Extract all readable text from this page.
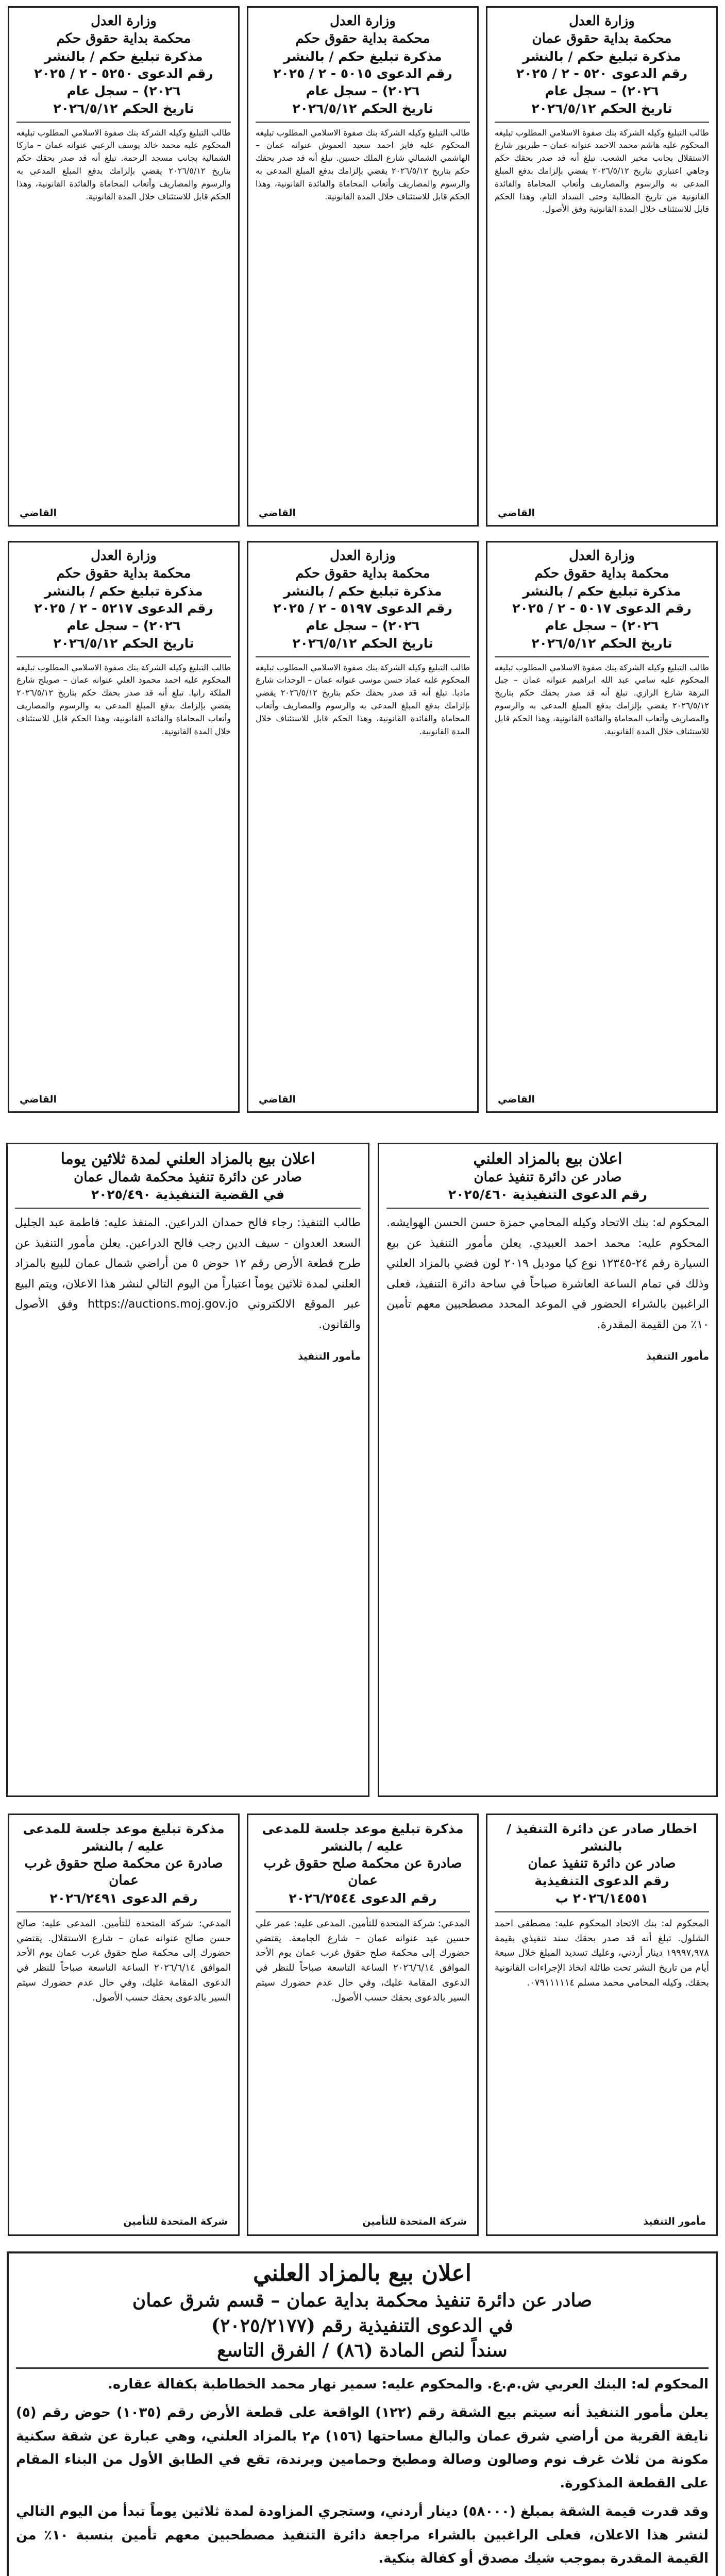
وزارة العدل
محكمة بداية حقوق عمان
مذكرة تبليغ حكم / بالنشر
رقم الدعوى ٥٢٠ - ٢ / ٢٠٢٥
٢٠٢٦) – سجل عام
تاريخ الحكم ٢٠٢٦/٥/١٢
طالب التبليغ وكيله الشركة بنك صفوة الاسلامي المطلوب تبليغه المحكوم عليه هاشم محمد الاحمد عنوانه عمان – طبربور شارع الاستقلال بجانب مخبز الشعب. تبلغ أنه قد صدر بحقك حكم وجاهي اعتباري بتاريخ ٢٠٢٦/٥/١٢ يقضي بإلزامك بدفع المبلغ المدعى به والرسوم والمصاريف وأتعاب المحاماة والفائدة القانونية من تاريخ المطالبة وحتى السداد التام، وهذا الحكم قابل للاستئناف خلال المدة القانونية وفق الأصول.
القاضي
وزارة العدل
محكمة بداية حقوق حكم
مذكرة تبليغ حكم / بالنشر
رقم الدعوى ٥٠١٥ - ٢ / ٢٠٢٥
٢٠٢٦) – سجل عام
تاريخ الحكم ٢٠٢٦/٥/١٢
طالب التبليغ وكيله الشركة بنك صفوة الاسلامي المطلوب تبليغه المحكوم عليه فايز احمد سعيد العموش عنوانه عمان – الهاشمي الشمالي شارع الملك حسين. تبلغ أنه قد صدر بحقك حكم بتاريخ ٢٠٢٦/٥/١٢ يقضي بإلزامك بدفع المبلغ المدعى به والرسوم والمصاريف وأتعاب المحاماة والفائدة القانونية، وهذا الحكم قابل للاستئناف خلال المدة القانونية.
القاضي
وزارة العدل
محكمة بداية حقوق حكم
مذكرة تبليغ حكم / بالنشر
رقم الدعوى ٥٢٥٠ - ٢ / ٢٠٢٥
٢٠٢٦) – سجل عام
تاريخ الحكم ٢٠٢٦/٥/١٢
طالب التبليغ وكيله الشركة بنك صفوة الاسلامي المطلوب تبليغه المحكوم عليه محمد خالد يوسف الزعبي عنوانه عمان – ماركا الشمالية بجانب مسجد الرحمة. تبلغ أنه قد صدر بحقك حكم بتاريخ ٢٠٢٦/٥/١٢ يقضي بإلزامك بدفع المبلغ المدعى به والرسوم والمصاريف وأتعاب المحاماة والفائدة القانونية، وهذا الحكم قابل للاستئناف خلال المدة القانونية.
القاضي
وزارة العدل
محكمة بداية حقوق حكم
مذكرة تبليغ حكم / بالنشر
رقم الدعوى ٥٠١٧ - ٢ / ٢٠٢٥
٢٠٢٦) – سجل عام
تاريخ الحكم ٢٠٢٦/٥/١٢
طالب التبليغ وكيله الشركة بنك صفوة الاسلامي المطلوب تبليغه المحكوم عليه سامي عبد الله ابراهيم عنوانه عمان – جبل النزهة شارع الرازي. تبلغ أنه قد صدر بحقك حكم بتاريخ ٢٠٢٦/٥/١٢ يقضي بإلزامك بدفع المبلغ المدعى به والرسوم والمصاريف وأتعاب المحاماة والفائدة القانونية، وهذا الحكم قابل للاستئناف خلال المدة القانونية.
القاضي
وزارة العدل
محكمة بداية حقوق حكم
مذكرة تبليغ حكم / بالنشر
رقم الدعوى ٥١٩٧ - ٢ / ٢٠٢٥
٢٠٢٦) – سجل عام
تاريخ الحكم ٢٠٢٦/٥/١٢
طالب التبليغ وكيله الشركة بنك صفوة الاسلامي المطلوب تبليغه المحكوم عليه عماد حسن موسى عنوانه عمان – الوحدات شارع مادبا. تبلغ أنه قد صدر بحقك حكم بتاريخ ٢٠٢٦/٥/١٢ يقضي بإلزامك بدفع المبلغ المدعى به والرسوم والمصاريف وأتعاب المحاماة والفائدة القانونية، وهذا الحكم قابل للاستئناف خلال المدة القانونية.
القاضي
وزارة العدل
محكمة بداية حقوق حكم
مذكرة تبليغ حكم / بالنشر
رقم الدعوى ٥٢١٧ - ٢ / ٢٠٢٥
٢٠٢٦) – سجل عام
تاريخ الحكم ٢٠٢٦/٥/١٢
طالب التبليغ وكيله الشركة بنك صفوة الاسلامي المطلوب تبليغه المحكوم عليه احمد محمود العلي عنوانه عمان – صويلح شارع الملكة رانيا. تبلغ أنه قد صدر بحقك حكم بتاريخ ٢٠٢٦/٥/١٢ يقضي بإلزامك بدفع المبلغ المدعى به والرسوم والمصاريف وأتعاب المحاماة والفائدة القانونية، وهذا الحكم قابل للاستئناف خلال المدة القانونية.
القاضي
اعلان بيع بالمزاد العلني
صادر عن دائرة تنفيذ عمان
رقم الدعوى التنفيذية ٢٠٢٥/٤٦٠
المحكوم له: بنك الاتحاد وكيله المحامي حمزة حسن الحسن الهوايشه. المحكوم عليه: محمد احمد العبيدي. يعلن مأمور التنفيذ عن بيع السيارة رقم ٢٤-١٢٣٤٥ نوع كيا موديل ٢٠١٩ لون فضي بالمزاد العلني وذلك في تمام الساعة العاشرة صباحاً في ساحة دائرة التنفيذ، فعلى الراغبين بالشراء الحضور في الموعد المحدد مصطحبين معهم تأمين ١٠٪ من القيمة المقدرة.
مأمور التنفيذ
اعلان بيع بالمزاد العلني لمدة ثلاثين يوما
صادر عن دائرة تنفيذ محكمة شمال عمان
في القضية التنفيذية ٢٠٢٥/٤٩٠
طالب التنفيذ: رجاء فالح حمدان الدراعين. المنفذ عليه: فاطمة عبد الجليل السعد العدوان - سيف الدين رجب فالح الدراعين. يعلن مأمور التنفيذ عن طرح قطعة الأرض رقم ١٢ حوض ٥ من أراضي شمال عمان للبيع بالمزاد العلني لمدة ثلاثين يوماً اعتباراً من اليوم التالي لنشر هذا الاعلان، ويتم البيع عبر الموقع الالكتروني https://auctions.moj.gov.jo وفق الأصول والقانون.
مأمور التنفيذ
اخطار صادر عن دائرة التنفيذ / بالنشر
صادر عن دائرة تنفيذ عمان
رقم الدعوى التنفيذية
٢٠٢٦/١٤٥٥١ ب
المحكوم له: بنك الاتحاد المحكوم عليه: مصطفى احمد الشلول. تبلغ أنه قد صدر بحقك سند تنفيذي بقيمة ١٩٩٩٧,٩٧٨ دينار أردني، وعليك تسديد المبلغ خلال سبعة أيام من تاريخ النشر تحت طائلة اتخاذ الإجراءات القانونية بحقك. وكيله المحامي محمد مسلم ٠٧٩١١١١١٤.
مأمور التنفيذ
مذكرة تبليغ موعد جلسة للمدعى عليه / بالنشر
صادرة عن محكمة صلح حقوق غرب عمان
رقم الدعوى ٢٠٢٦/٢٥٤٤
المدعي: شركة المتحدة للتأمين. المدعى عليه: عمر علي حسين عيد عنوانه عمان – شارع الجامعة. يقتضي حضورك إلى محكمة صلح حقوق غرب عمان يوم الأحد الموافق ٢٠٢٦/٦/١٤ الساعة التاسعة صباحاً للنظر في الدعوى المقامة عليك، وفي حال عدم حضورك سيتم السير بالدعوى بحقك حسب الأصول.
شركة المتحدة للتأمين
مذكرة تبليغ موعد جلسة للمدعى عليه / بالنشر
صادرة عن محكمة صلح حقوق غرب عمان
رقم الدعوى ٢٠٢٦/٢٤٩١
المدعي: شركة المتحدة للتأمين. المدعى عليه: صالح حسن صالح عنوانه عمان – شارع الاستقلال. يقتضي حضورك إلى محكمة صلح حقوق غرب عمان يوم الأحد الموافق ٢٠٢٦/٦/١٤ الساعة التاسعة صباحاً للنظر في الدعوى المقامة عليك، وفي حال عدم حضورك سيتم السير بالدعوى بحقك حسب الأصول.
شركة المتحدة للتأمين
اعلان بيع بالمزاد العلني
صادر عن دائرة تنفيذ محكمة بداية عمان – قسم شرق عمان
في الدعوى التنفيذية رقم (٢٠٢٥/٢١٧٧)
سنداً لنص المادة (٨٦) / الفرق التاسع
المحكوم له: البنك العربي ش.م.ع. والمحكوم عليه: سمير نهار محمد الخطاطبة بكفالة عقاره.
يعلن مأمور التنفيذ أنه سيتم بيع الشقة رقم (١٢٢) الواقعة على قطعة الأرض رقم (١٠٣٥) حوض رقم (٥) نايفة القرية من أراضي شرق عمان والبالغ مساحتها (١٥٦) م٢ بالمزاد العلني، وهي عبارة عن شقة سكنية مكونة من ثلاث غرف نوم وصالون وصالة ومطبخ وحمامين وبرندة، تقع في الطابق الأول من البناء المقام على القطعة المذكورة.
وقد قدرت قيمة الشقة بمبلغ (٥٨٠٠٠) دينار أردني، وستجري المزاودة لمدة ثلاثين يوماً تبدأ من اليوم التالي لنشر هذا الاعلان، فعلى الراغبين بالشراء مراجعة دائرة التنفيذ مصطحبين معهم تأمين بنسبة ١٠٪ من القيمة المقدرة بموجب شيك مصدق أو كفالة بنكية.
